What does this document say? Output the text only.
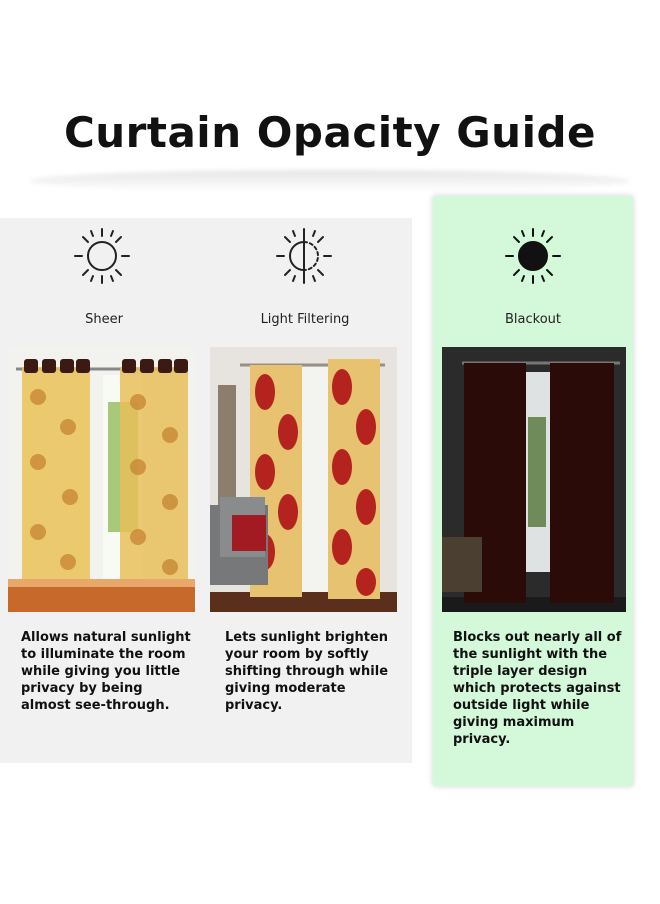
Curtain Opacity Guide
Sheer
Allows natural sunlight
to illuminate the room
while giving you little
privacy by being
almost see-through.
Light Filtering
Lets sunlight brighten
your room by softly
shifting through while
giving moderate
privacy.
Blackout
Blocks out nearly all of
the sunlight with the
triple layer design
which protects against
outside light while
giving maximum
privacy.
